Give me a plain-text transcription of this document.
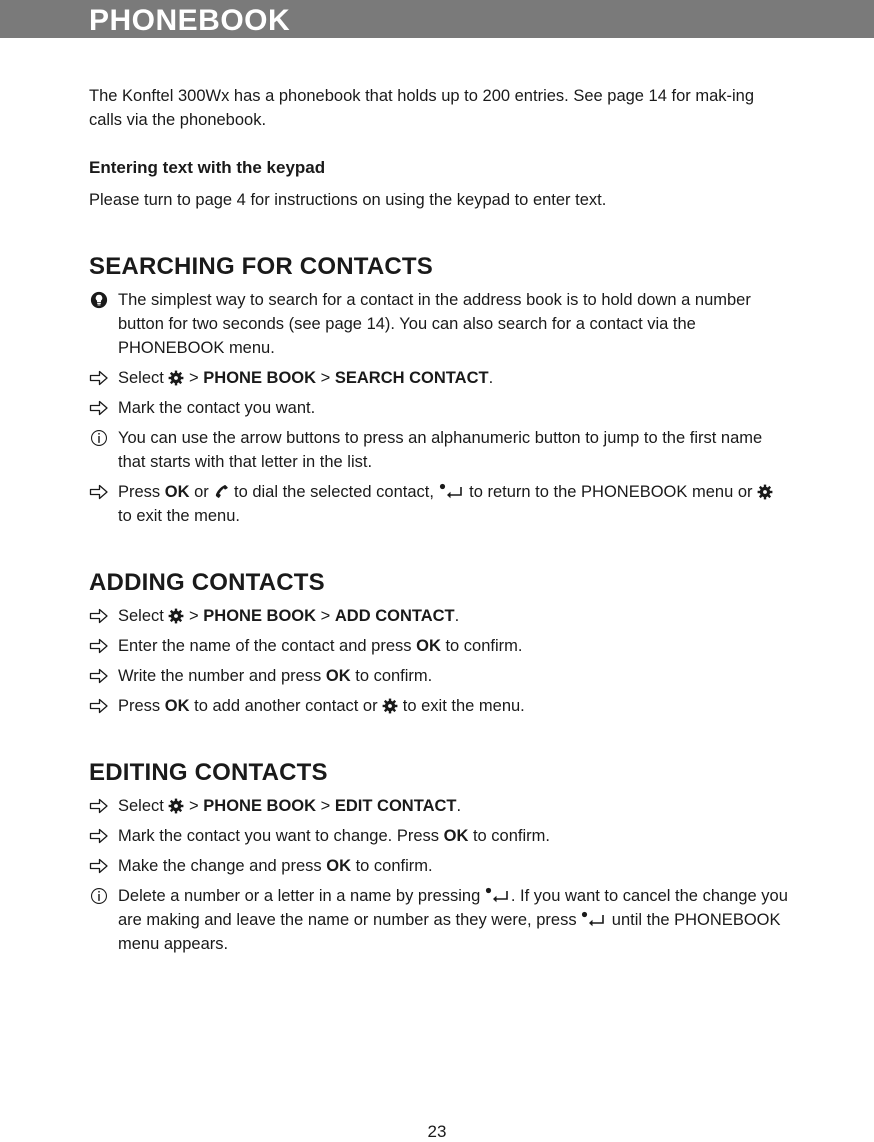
PHONEBOOK

The Konftel 300Wx has a phonebook that holds up to 200 entries. See page 14 for mak-ing calls via the phonebook.

Entering text with the keypad

Please turn to page 4 for instructions on using the keypad to enter text.

SEARCHING FOR CONTACTS
The simplest way to search for a contact in the address book is to hold down a number button for two seconds (see page 14). You can also search for a contact via the PHONEBOOK menu.
Select > PHONE BOOK > SEARCH CONTACT.
Mark the contact you want.
You can use the arrow buttons to press an alphanumeric button to jump to the first name that starts with that letter in the list.
Press OK or to dial the selected contact, to return to the PHONEBOOK menu or  to exit the menu.
ADDING CONTACTS
Select > PHONE BOOK > ADD CONTACT.
Enter the name of the contact and press OK to confirm.
Write the number and press OK to confirm.
Press OK to add another contact or to exit the menu.
EDITING CONTACTS
Select > PHONE BOOK > EDIT CONTACT.
Mark the contact you want to change. Press OK to confirm.
Make the change and press OK to confirm.
Delete a number or a letter in a name by pressing . If you want to cancel the change you are making and leave the name or number as they were, press until the PHONEBOOK menu appears.
23
